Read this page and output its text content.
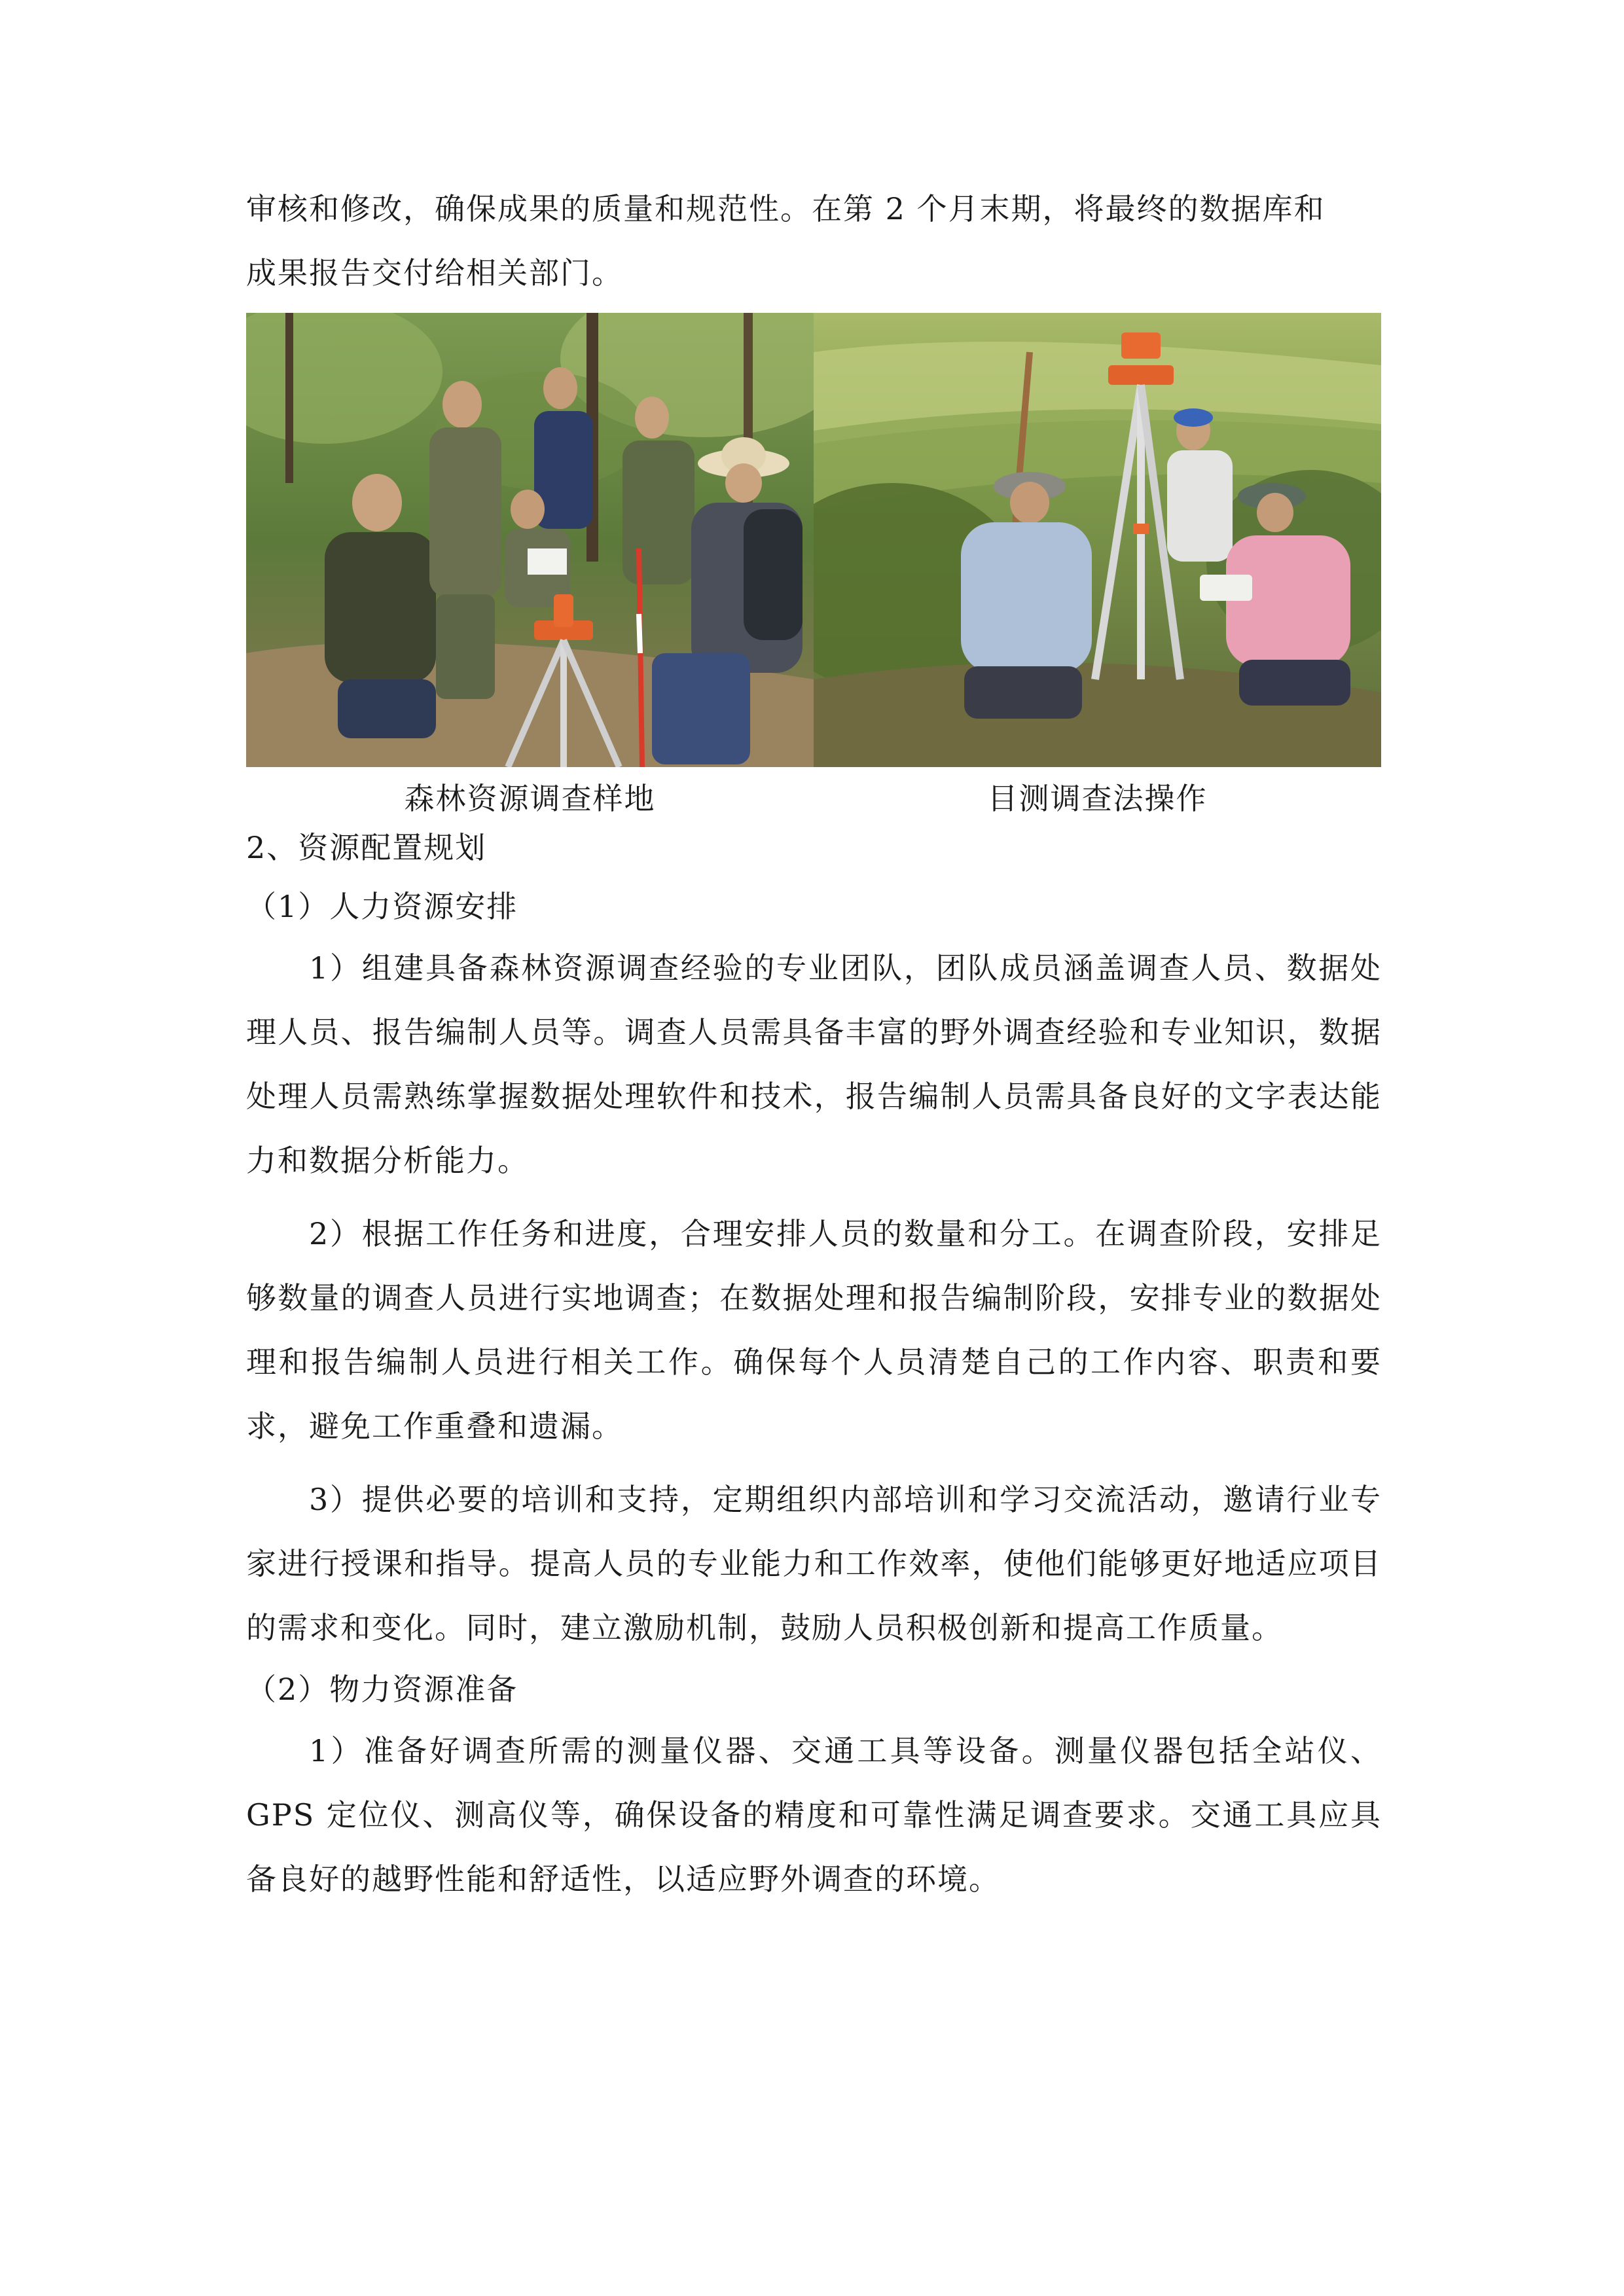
审核和修改，确保成果的质量和规范性。在第 2 个月末期，将最终的数据库和

成果报告交付给相关部门。

森林资源调查样地	目测调查法操作

2、资源配置规划

（1）人力资源安排

1）组建具备森林资源调查经验的专业团队，团队成员涵盖调查人员、数据处理人员、报告编制人员等。调查人员需具备丰富的野外调查经验和专业知识，数据处理人员需熟练掌握数据处理软件和技术，报告编制人员需具备良好的文字表达能力和数据分析能力。

2）根据工作任务和进度，合理安排人员的数量和分工。在调查阶段，安排足够数量的调查人员进行实地调查；在数据处理和报告编制阶段，安排专业的数据处理和报告编制人员进行相关工作。确保每个人员清楚自己的工作内容、职责和要求，避免工作重叠和遗漏。

3）提供必要的培训和支持，定期组织内部培训和学习交流活动，邀请行业专家进行授课和指导。提高人员的专业能力和工作效率，使他们能够更好地适应项目的需求和变化。同时，建立激励机制，鼓励人员积极创新和提高工作质量。

（2）物力资源准备

1）准备好调查所需的测量仪器、交通工具等设备。测量仪器包括全站仪、GPS 定位仪、测高仪等，确保设备的精度和可靠性满足调查要求。交通工具应具备良好的越野性能和舒适性，以适应野外调查的环境。
